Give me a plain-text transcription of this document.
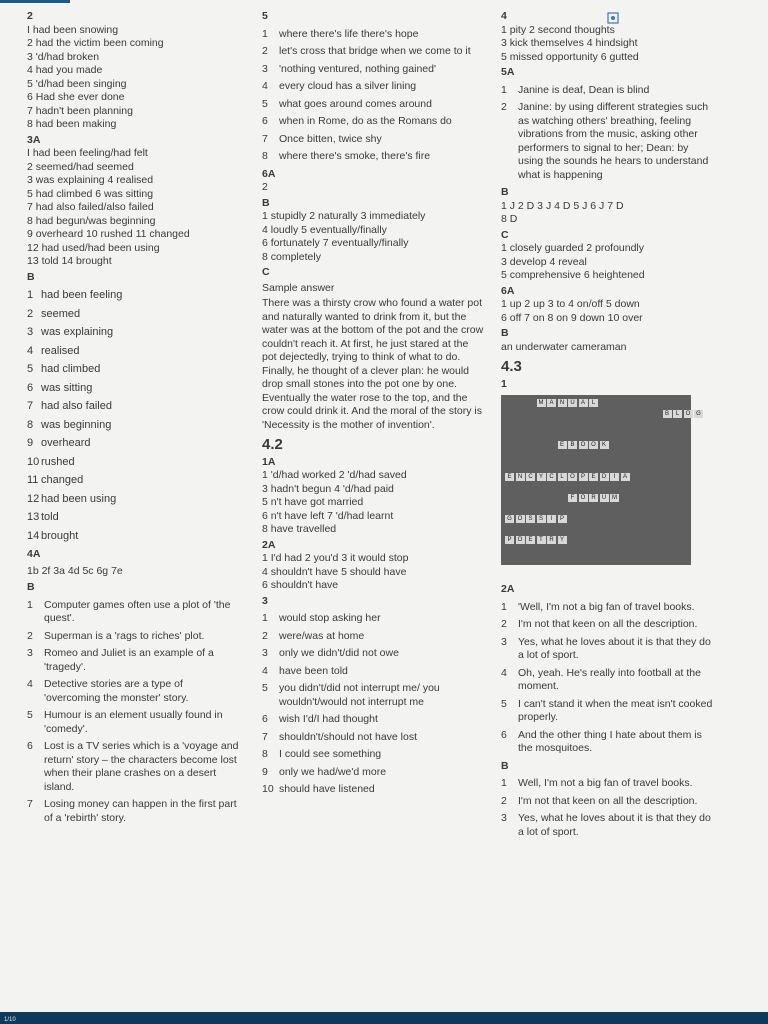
2
I had been snowing
2 had the victim been coming
3 'd/had broken
4 had you made
5 'd/had been singing
6 Had she ever done
7 hadn't been planning
8 had been making
3A
I had been feeling/had felt
2 seemed/had seemed
3 was explaining 4 realised
5 had climbed 6 was sitting
7 had also failed/also failed
8 had begun/was beginning
9 overheard 10 rushed 11 changed
12 had used/had been using
13 told 14 brought
B
1 had been feeling
2 seemed
3 was explaining
4 realised
5 had climbed
6 was sitting
7 had also failed
8 was beginning
9 overheard
10 rushed
11 changed
12 had been using
13 told
14 brought
4A
1b 2f 3a 4d 5c 6g 7e
B
1	Computer games often use a plot of 'the quest'.
2	Superman is a 'rags to riches' plot.
3	Romeo and Juliet is an example of a 'tragedy'.
4	Detective stories are a type of 'overcoming the monster' story.
5	Humour is an element usually found in 'comedy'.
6	Lost is a TV series which is a 'voyage and return' story – the characters become lost when their plane crashes on a desert island.
7	Losing money can happen in the first part of a 'rebirth' story.
5
1	where there's life there's hope
2	let's cross that bridge when we come to it
3	'nothing ventured, nothing gained'
4	every cloud has a silver lining
5	what goes around comes around
6	when in Rome, do as the Romans do
7	Once bitten, twice shy
8	where there's smoke, there's fire
6A
2
B
1 stupidly 2 naturally 3 immediately
4 loudly 5 eventually/finally
6 fortunately 7 eventually/finally
8 completely
C
Sample answer
There was a thirsty crow who found a water pot and naturally wanted to drink from it, but the water was at the bottom of the pot and the crow couldn't reach it. At first, he just stared at the pot dejectedly, trying to think of what to do. Finally, he thought of a clever plan: he would drop small stones into the pot one by one. Eventually the water rose to the top, and the crow could drink it. And the moral of the story is 'Necessity is the mother of invention'.
4.2
1A
1 'd/had worked 2 'd/had saved
3 hadn't begun 4 'd/had paid
5 n't have got married
6 n't have left 7 'd/had learnt
8 have travelled
2A
1 I'd had 2 you'd 3 it would stop
4 shouldn't have 5 should have
6 shouldn't have
3
1	would stop asking her
2	were/was at home
3	only we didn't/did not owe
4	have been told
5	you didn't/did not interrupt me/ you wouldn't/would not interrupt me
6	wish I'd/I had thought
7	shouldn't/should not have lost
8	I could see something
9	only we had/we'd more
10 should have listened
4
1 pity 2 second thoughts
3 kick themselves 4 hindsight
5 missed opportunity 6 gutted
5A
1	Janine is deaf, Dean is blind
2	Janine: by using different strategies such as watching others' breathing, feeling vibrations from the music, asking other performers to signal to her; Dean: by using the sounds he hears to understand what is happening
B
1 J 2 D 3 J 4 D 5 J 6 J 7 D
8 D
C
1 closely guarded 2 profoundly
3 develop 4 reveal
5 comprehensive 6 heightened
6A
1 up 2 up 3 to 4 on/off 5 down
6 off 7 on 8 on 9 down 10 over
B
an underwater cameraman
4.3
1
M A	N	U	A	L
B	L	O G
E	B	O O	K
E	N	C	Y	C	L	O	P	E	D	I	A
F	O	R	U M
G O	S	S	I	P
P	O	E	T	R	Y
2A
1	'Well, I'm not a big fan of travel books.
2	I'm not that keen on all the description.
3	Yes, what he loves about it is that they do a lot of sport.
4	Oh, yeah. He's really into football at the moment.
5	I can't stand it when the meat isn't cooked properly.
6	And the other thing I hate about them is the mosquitoes.
B
1	Well, I'm not a big fan of travel books.
2	I'm not that keen on all the description.
3	Yes, what he loves about it is that they do a lot of sport.
1/10
